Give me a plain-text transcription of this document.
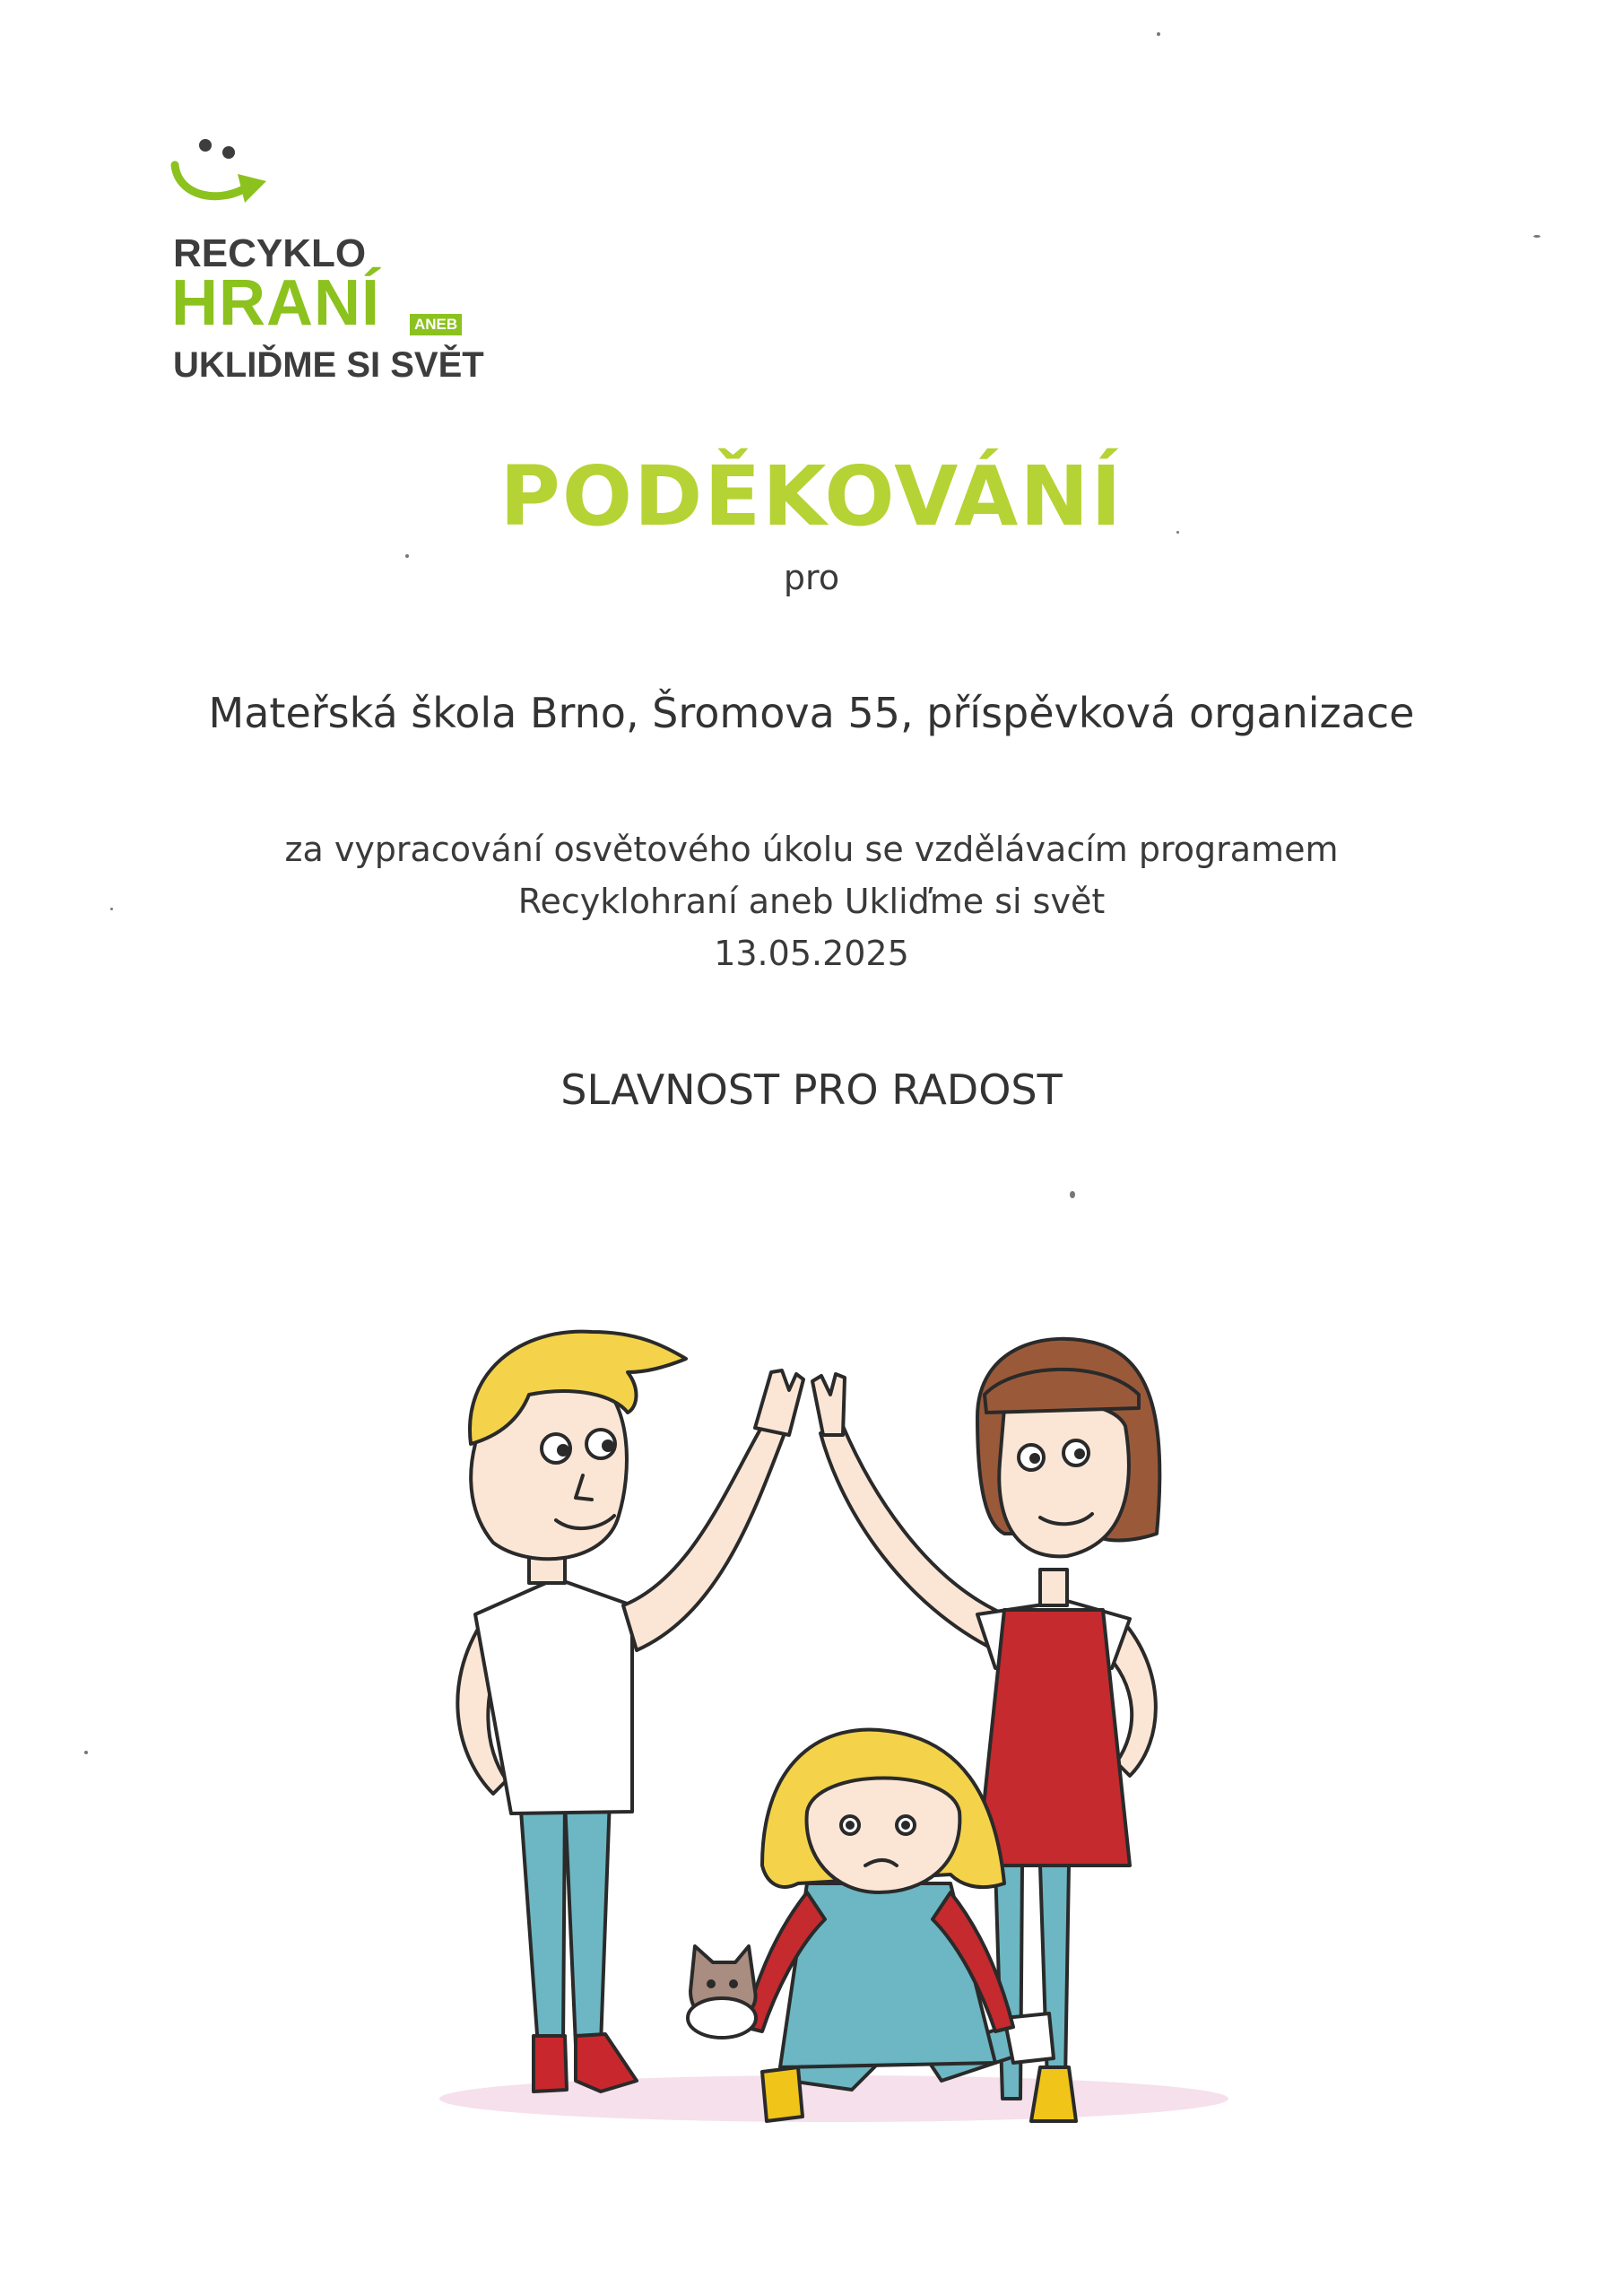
RECYKLO
HRANÍ ANEB
UKLIĎME SI SVĚT
PODĚKOVÁNÍ
pro
Mateřská škola Brno, Šromova 55, příspěvková organizace
za vypracování osvětového úkolu se vzdělávacím programem
Recyklohraní aneb Ukliďme si svět
13.05.2025
SLAVNOST PRO RADOST
